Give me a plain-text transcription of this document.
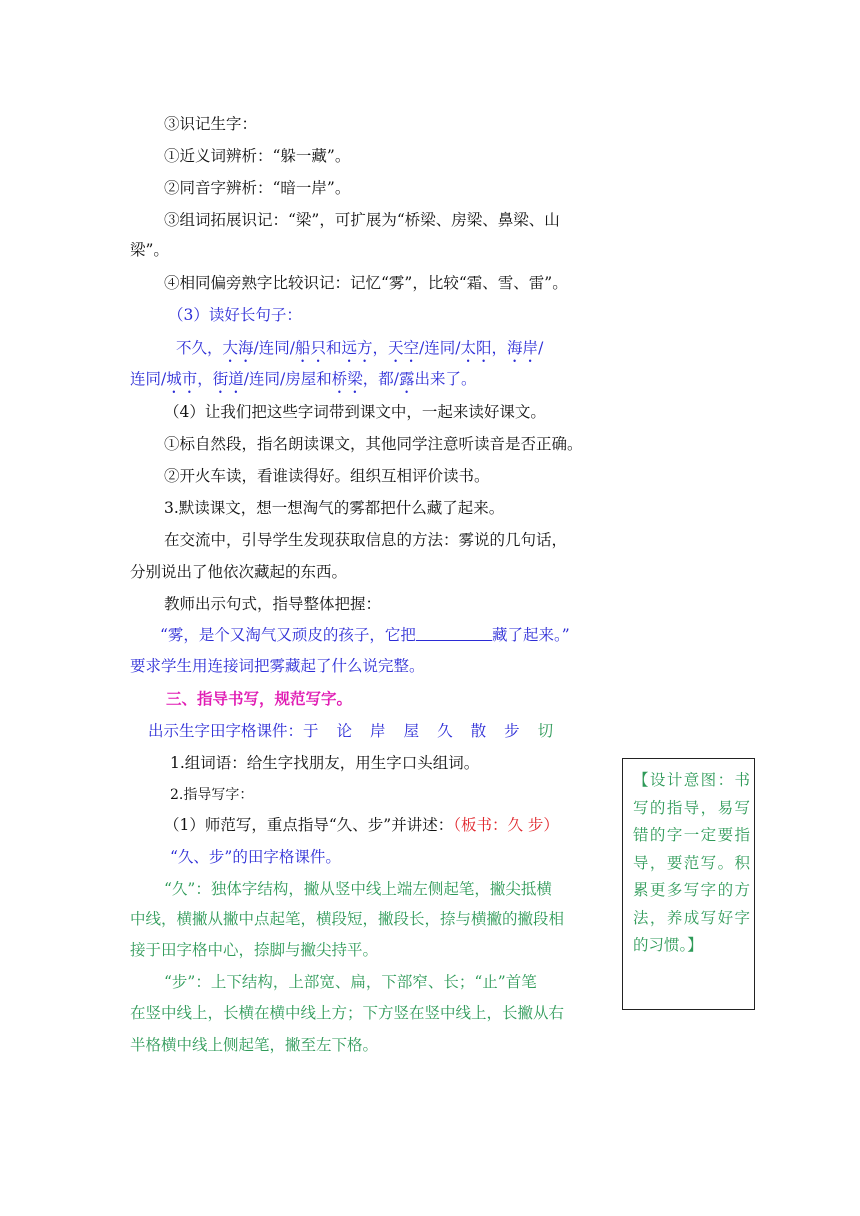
③识记生字：
①近义词辨析：“躲一藏”。
②同音字辨析：“暗一岸”。
③组词拓展识记：“梁”，可扩展为“桥梁、房梁、鼻梁、山
梁”。
④相同偏旁熟字比较识记：记忆“雾”，比较“霜、雪、雷”。
（3）读好长句子：
不久，大海/连同/船只和远方，天空/连同/太阳，海岸/
连同/城市，街道/连同/房屋和桥梁，都/露出来了。
（4）让我们把这些字词带到课文中，一起来读好课文。
①标自然段，指名朗读课文，其他同学注意听读音是否正确。
②开火车读，看谁读得好。组织互相评价读书。
3.默读课文，想一想淘气的雾都把什么藏了起来。
在交流中，引导学生发现获取信息的方法：雾说的几句话，
分别说出了他依次藏起的东西。
教师出示句式，指导整体把握：
“雾，是个又淘气又顽皮的孩子，它把	藏了起来。”
要求学生用连接词把雾藏起了什么说完整。
三、指导书写，规范写字。
出示生字田字格课件：于 论 岸 屋 久 散 步 切
1.组词语：给生字找朋友，用生字口头组词。
2.指导写字：
（1）师范写，重点指导“久、步”并讲述：（板书：久 步）
“久、步”的田字格课件。
“久”：独体字结构，撇从竖中线上端左侧起笔，撇尖抵横
中线，横撇从撇中点起笔，横段短，撇段长，捺与横撇的撇段相
接于田字格中心，捺脚与撇尖持平。
“步”：上下结构，上部宽、扁，下部窄、长；“止”首笔
在竖中线上，长横在横中线上方；下方竖在竖中线上，长撇从右
半格横中线上侧起笔，撇至左下格。
【设计意图：书写的指导，易写错的字一定要指导，要范写。积累更多写字的方法，养成写好字的习惯。】
